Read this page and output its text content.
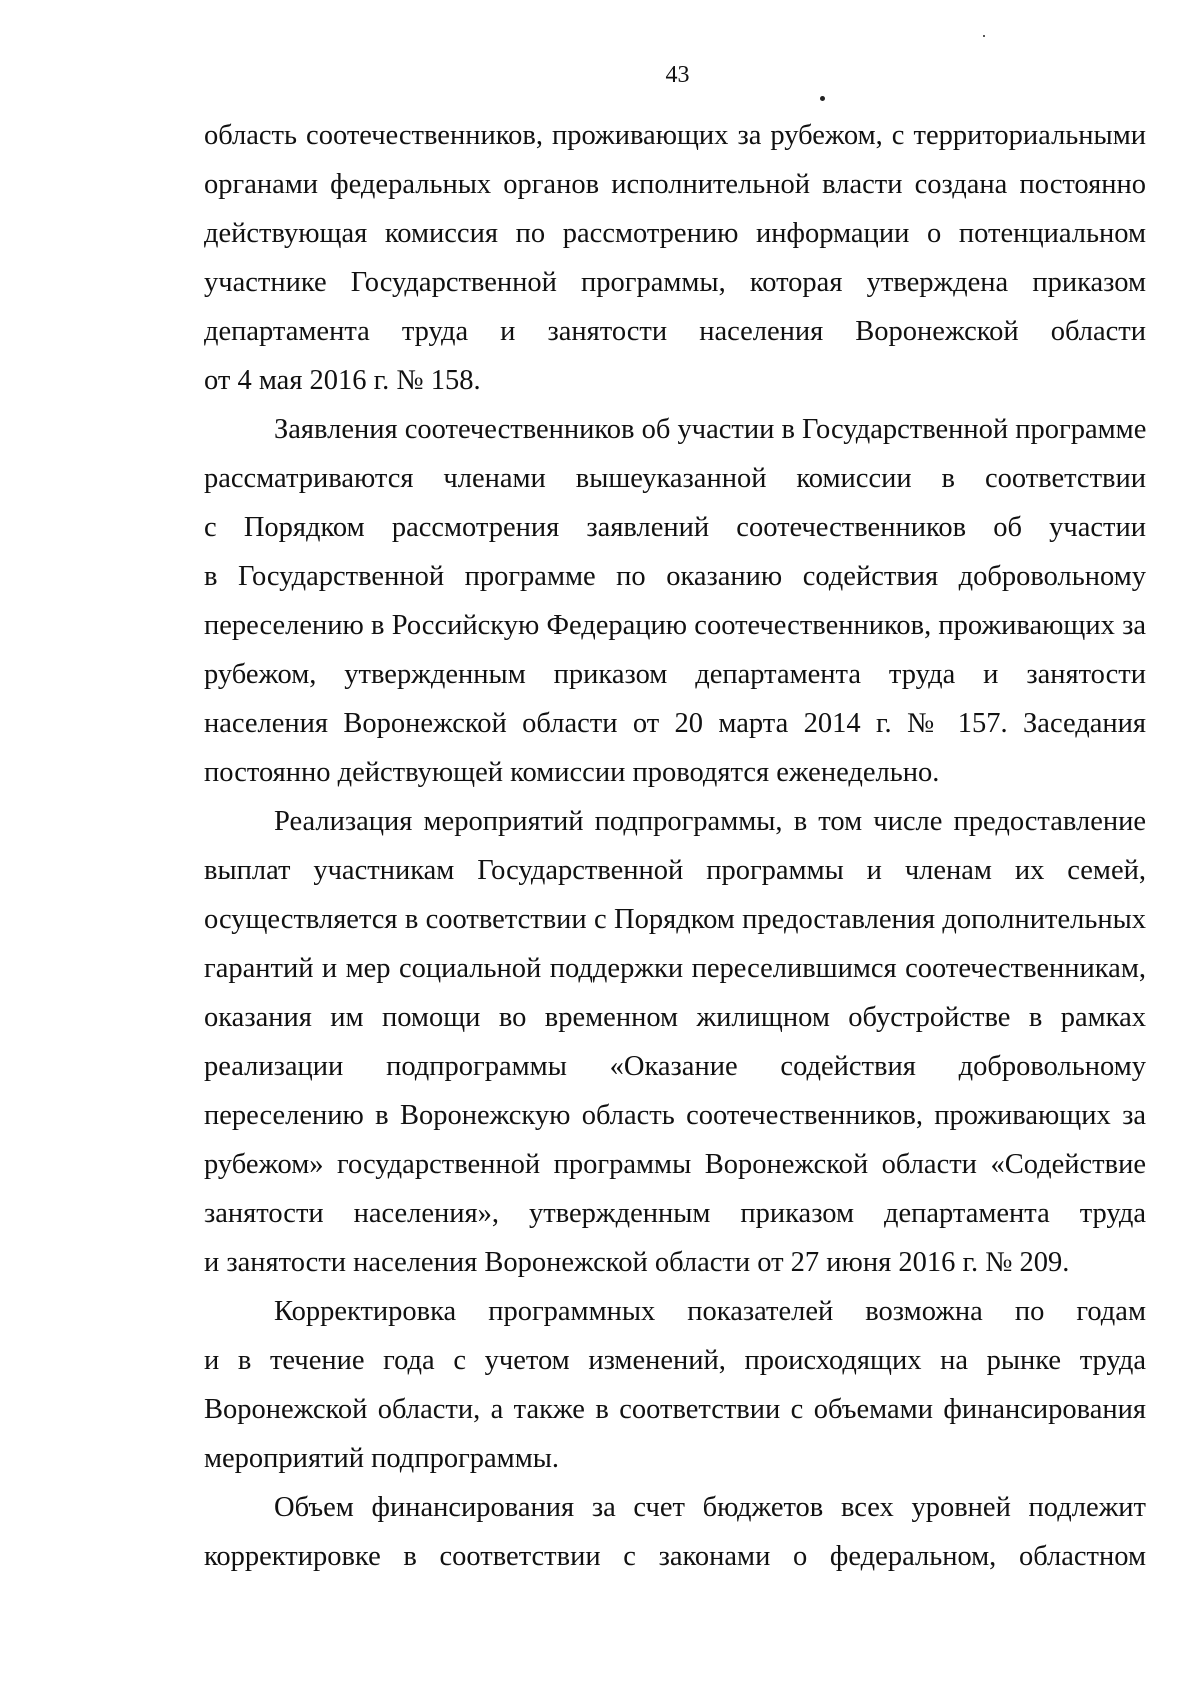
43

область соотечественников, проживающих за рубежом, с территориальными
органами федеральных органов исполнительной власти создана постоянно
действующая комиссия по рассмотрению информации о потенциальном
участнике Государственной программы, которая утверждена приказом
департамента труда и занятости населения Воронежской области
от 4 мая 2016 г. № 158.

Заявления соотечественников об участии в Государственной программе
рассматриваются членами вышеуказанной комиссии в соответствии
с Порядком рассмотрения заявлений соотечественников об участии
в Государственной программе по оказанию содействия добровольному
переселению в Российскую Федерацию соотечественников, проживающих за
рубежом, утвержденным приказом департамента труда и занятости
населения Воронежской области от 20 марта 2014 г. № 157. Заседания
постоянно действующей комиссии проводятся еженедельно.

Реализация мероприятий подпрограммы, в том числе предоставление
выплат участникам Государственной программы и членам их семей,
осуществляется в соответствии с Порядком предоставления дополнительных
гарантий и мер социальной поддержки переселившимся соотечественникам,
оказания им помощи во временном жилищном обустройстве в рамках
реализации подпрограммы «Оказание содействия добровольному
переселению в Воронежскую область соотечественников, проживающих за
рубежом» государственной программы Воронежской области «Содействие
занятости населения», утвержденным приказом департамента труда
и занятости населения Воронежской области от 27 июня 2016 г. № 209.

Корректировка программных показателей возможна по годам
и в течение года с учетом изменений, происходящих на рынке труда
Воронежской области, а также в соответствии с объемами финансирования
мероприятий подпрограммы.

Объем финансирования за счет бюджетов всех уровней подлежит
корректировке в соответствии с законами о федеральном, областном
